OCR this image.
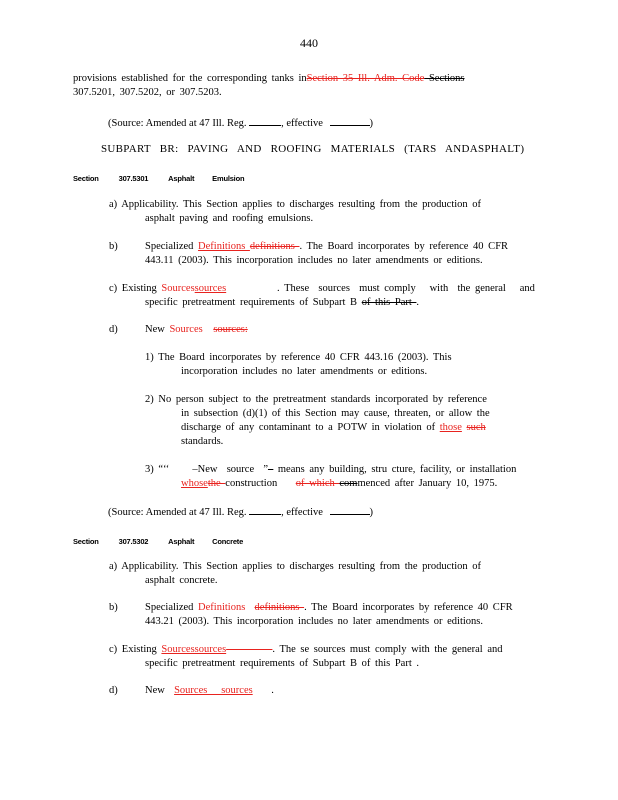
440
provisions established for the corresponding tanks inSection 35 Ill. Adm. Code Sections
307.5201, 307.5202, or 307.5203.
(Source: Amended at 47 Ill. Reg.	, effective	)
SUBPART BR: PAVING AND ROOFING MATERIALS (TARS ANDASPHALT)
Section	307.5301	Asphalt Emulsion
a) Applicability. This Section applies to discharges resulting from the production of
asphalt paving and roofing emulsions.
b)	Specialized Definitions definitions . The Board incorporates by reference 40 CFR
443.11 (2003). This incorporation includes no later amendments or editions.
c) Existing Sourcessources           . These  sources  must comply   with  the general   and
specific pretreatment requirements of Subpart B of this Part .
d)	New Sources sources:
1) The Board incorporates by reference 40 CFR 443.16 (2003). This
incorporation includes no later amendments or editions.
2) No person subject to the pretreatment standards incorporated by reference
in subsection (d)(1) of this Section may cause, threaten, or allow the
discharge of any contaminant to a POTW in violation of those such
standards.
3) “‘‘     –New  source  ”– means any building, stru cture, facility, or installation
whosethe construction    of which commenced after January 10, 1975.
(Source: Amended at 47 Ill. Reg.	, effective	)
Section	307.5302	Asphalt Concrete
a) Applicability. This Section applies to discharges resulting from the production of
asphalt concrete.
b)	Specialized Definitions definitions . The Board incorporates by reference 40 CFR
443.21 (2003). This incorporation includes no later amendments or editions.
c) Existing Sourcessources	. The se sources must comply with the general and
specific pretreatment requirements of Subpart B of this Part .
d)	New  Sources   sources    .
